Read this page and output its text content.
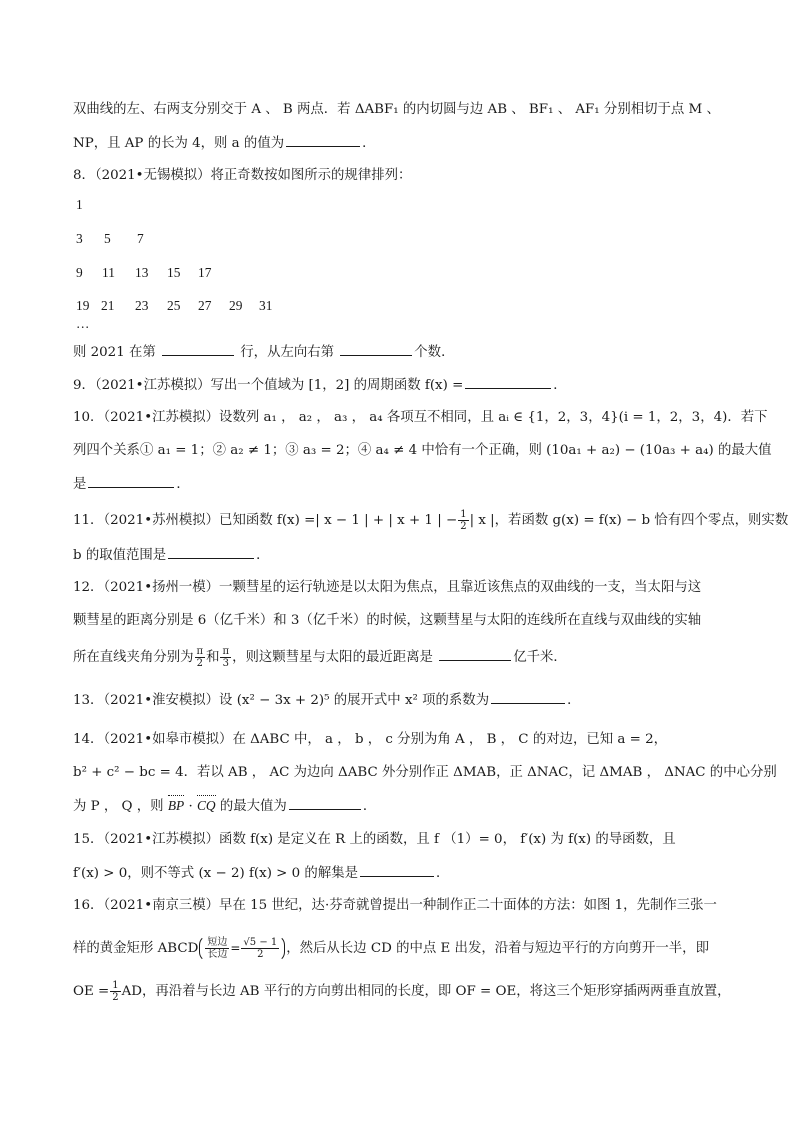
双曲线的左、右两支分别交于 A 、 B 两点．若 ΔABF₁ 的内切圆与边 AB 、 BF₁ 、 AF₁ 分别相切于点 M 、
NP，且 AP 的长为 4，则 a 的值为	．
8．（2021•无锡模拟）将正奇数按如图所示的规律排列：
1
3 5 7
9 11 13 15 17
19 21 23 25 27 29 31
…
则 2021 在第	行，从左向右第	个数．
9．（2021•江苏模拟）写出一个值域为 [1，2] 的周期函数 f(x) =	．
10．（2021•江苏模拟）设数列 a₁ ， a₂ ， a₃ ， a₄ 各项互不相同，且 aᵢ ∈ {1，2，3，4}(i = 1，2，3，4)．若下
列四个关系① a₁ = 1；② a₂ ≠ 1；③ a₃ = 2；④ a₄ ≠ 4 中恰有一个正确，则 (10a₁ + a₂) − (10a₃ + a₄) 的最大值
是	．
11．（2021•苏州模拟）已知函数 f(x) =| x − 1 | + | x + 1 | − $\frac{1}{2}$ | x |，若函数 g(x) = f(x) − b 恰有四个零点，则实数
b 的取值范围是	．
12．（2021•扬州一模）一颗彗星的运行轨迹是以太阳为焦点，且靠近该焦点的双曲线的一支，当太阳与这
颗彗星的距离分别是 6（亿千米）和 3（亿千米）的时候，这颗彗星与太阳的连线所在直线与双曲线的实轴
所在直线夹角分别为 $\frac{\pi}{2}$ 和 $\frac{\pi}{3}$ ，则这颗彗星与太阳的最近距离是	亿千米．
13．（2021•淮安模拟）设 (x² − 3x + 2)⁵ 的展开式中 x² 项的系数为	．
14．（2021•如皋市模拟）在 ΔABC 中， a ， b ， c 分别为角 A ， B ， C 的对边，已知 a = 2，
b² + c² − bc = 4．若以 AB ， AC 为边向 ΔABC 外分别作正 ΔMAB，正 ΔNAC，记 ΔMAB ， ΔNAC 的中心分别
为 P ， Q ，则 BP · CQ 的最大值为	．
15．（2021•江苏模拟）函数 f(x) 是定义在 R 上的函数，且 f （1）= 0， f′(x) 为 f(x) 的导函数，且
f′(x) > 0，则不等式 (x − 2) f(x) > 0 的解集是	．
16．（2021•南京三模）早在 15 世纪，达·芬奇就曾提出一种制作正二十面体的方法：如图 1，先制作三张一
样的黄金矩形 ABCD $\frac{\text{短边}}{\text{长边}} = \frac{√5 - 1}{2}$ ，然后从长边 CD 的中点 E 出发，沿着与短边平行的方向剪开一半，即
OE = $\frac{1}{2}$ AD，再沿着与长边 AB 平行的方向剪出相同的长度，即 OF = OE，将这三个矩形穿插两两垂直放置，
